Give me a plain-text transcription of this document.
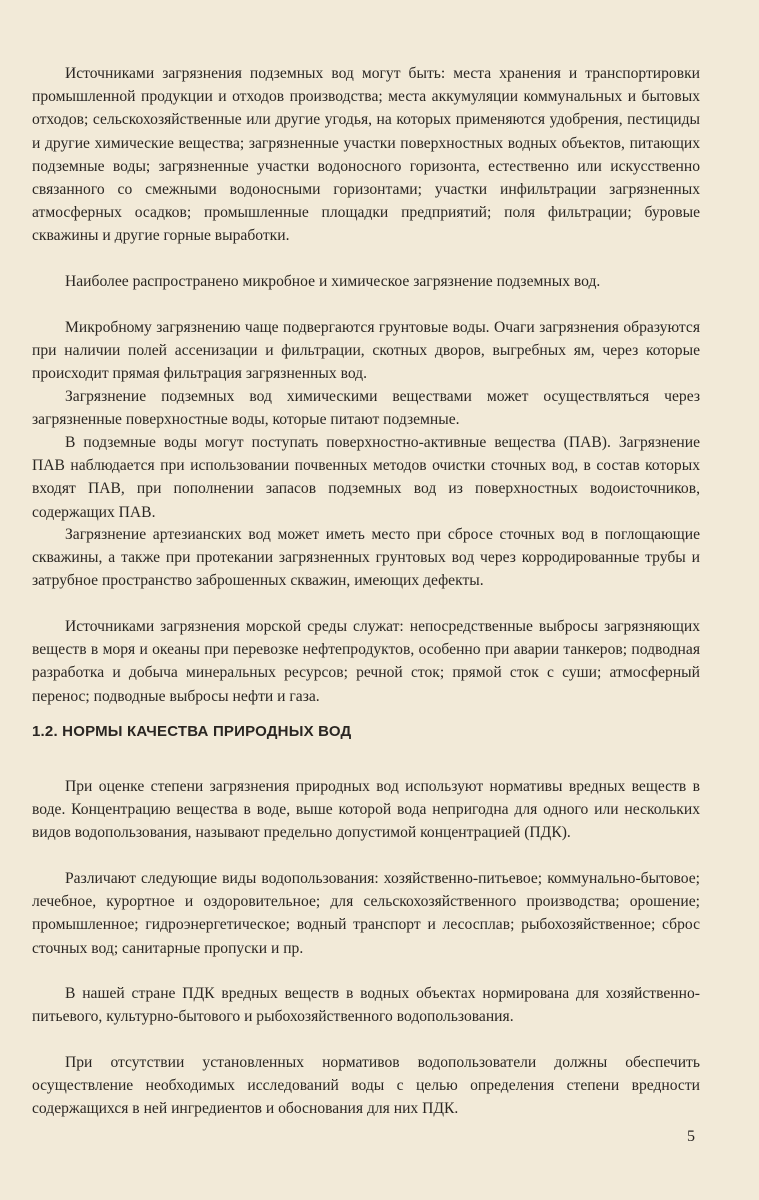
Источниками загрязнения подземных вод могут быть: места хранения и транспортировки промышленной продукции и отходов производства; места аккумуляции коммунальных и бытовых отходов; сельскохозяйственные или другие угодья, на которых применяются удобрения, пестициды и другие химические вещества; загрязненные участки поверхностных водных объектов, питающих подземные воды; загрязненные участки водоносного горизонта, естественно или искусственно связанного со смежными водоносными горизонтами; участки инфильтрации загрязненных атмосферных осадков; промышленные площадки предприятий; поля фильтрации; буровые скважины и другие горные выработки.

Наиболее распространено микробное и химическое загрязнение подземных вод.

Микробному загрязнению чаще подвергаются грунтовые воды. Очаги загрязнения образуются при наличии полей ассенизации и фильтрации, скотных дворов, выгребных ям, через которые происходит прямая фильтрация загрязненных вод.

Загрязнение подземных вод химическими веществами может осуществляться через загрязненные поверхностные воды, которые питают подземные.

В подземные воды могут поступать поверхностно-активные вещества (ПАВ). Загрязнение ПАВ наблюдается при использовании почвенных методов очистки сточных вод, в состав которых входят ПАВ, при пополнении запасов подземных вод из поверхностных водоисточников, содержащих ПАВ.

Загрязнение артезианских вод может иметь место при сбросе сточных вод в поглощающие скважины, а также при протекании загрязненных грунтовых вод через корродированные трубы и затрубное пространство заброшенных скважин, имеющих дефекты.

Источниками загрязнения морской среды служат: непосредственные выбросы загрязняющих веществ в моря и океаны при перевозке нефтепродуктов, особенно при аварии танкеров; подводная разработка и добыча минеральных ресурсов; речной сток; прямой сток с суши; атмосферный перенос; подводные выбросы нефти и газа.

1.2. НОРМЫ КАЧЕСТВА ПРИРОДНЫХ ВОД

При оценке степени загрязнения природных вод используют нормативы вредных веществ в воде. Концентрацию вещества в воде, выше которой вода непригодна для одного или нескольких видов водопользования, называют предельно допустимой концентрацией (ПДК).

Различают следующие виды водопользования: хозяйственно-питьевое; коммунально-бытовое; лечебное, курортное и оздоровительное; для сельскохозяйственного производства; орошение; промышленное; гидроэнергетическое; водный транспорт и лесосплав; рыбохозяйственное; сброс сточных вод; санитарные пропуски и пр.

В нашей стране ПДК вредных веществ в водных объектах нормирована для хозяйственно-питьевого, культурно-бытового и рыбохозяйственного водопользования.

При отсутствии установленных нормативов водопользователи должны обеспечить осуществление необходимых исследований воды с целью определения степени вредности содержащихся в ней ингредиентов и обоснования для них ПДК.

5
